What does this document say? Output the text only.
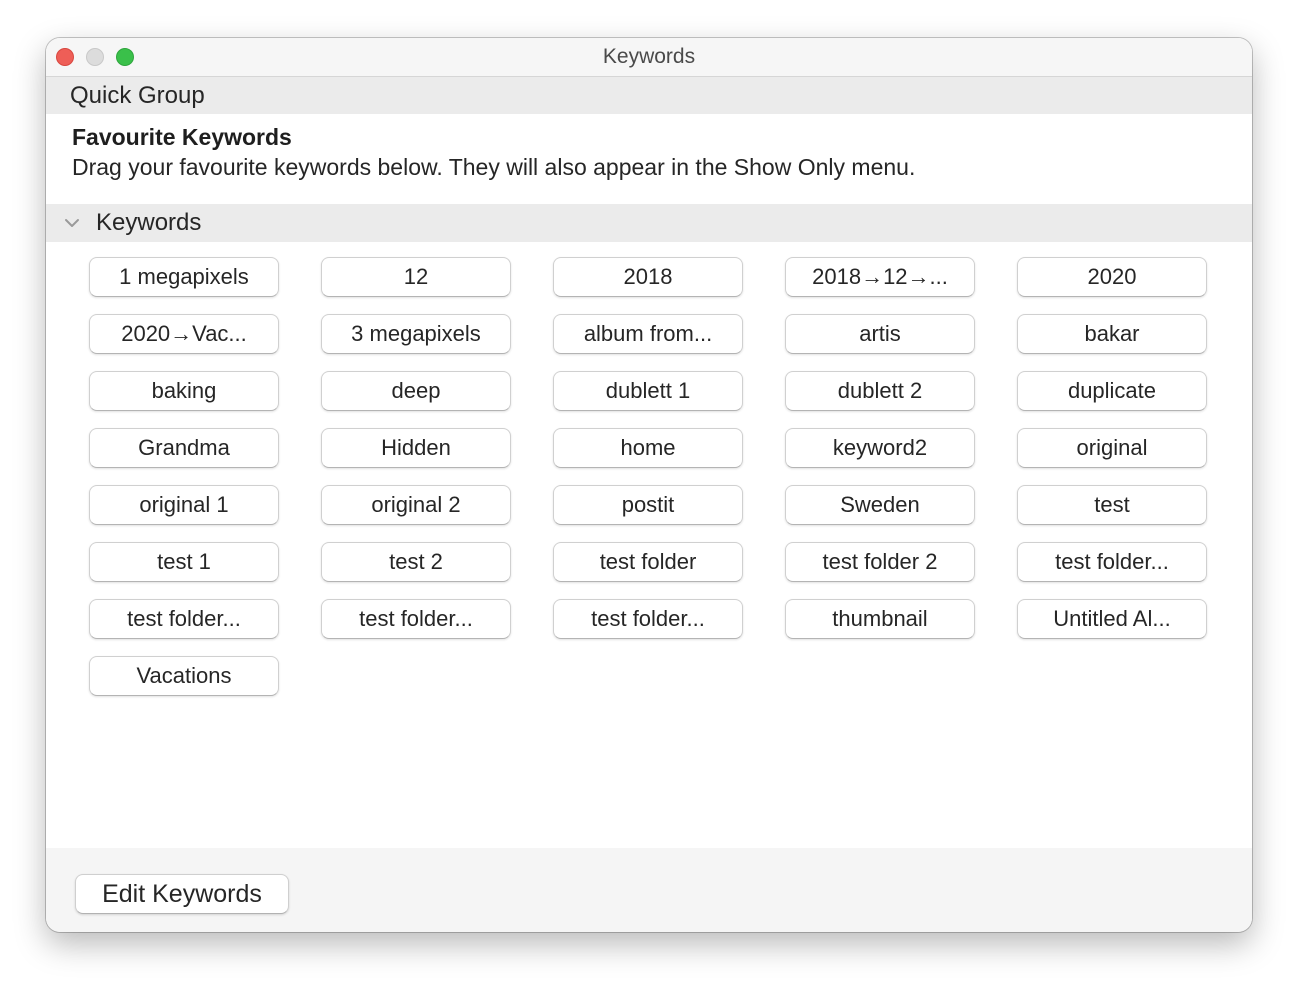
Keywords
Quick Group
Favourite Keywords
Drag your favourite keywords below. They will also appear in the Show Only menu.
Keywords
1 megapixels	12	2018	2018→12→...	2020
2020→Vac...	3 megapixels	album from...	artis	bakar
baking	deep	dublett 1	dublett 2	duplicate
Grandma	Hidden	home	keyword2	original
original 1	original 2	postit	Sweden	test
test 1	test 2	test folder	test folder 2	test folder...
test folder...	test folder...	test folder...	thumbnail	Untitled Al...
Vacations
Edit Keywords
